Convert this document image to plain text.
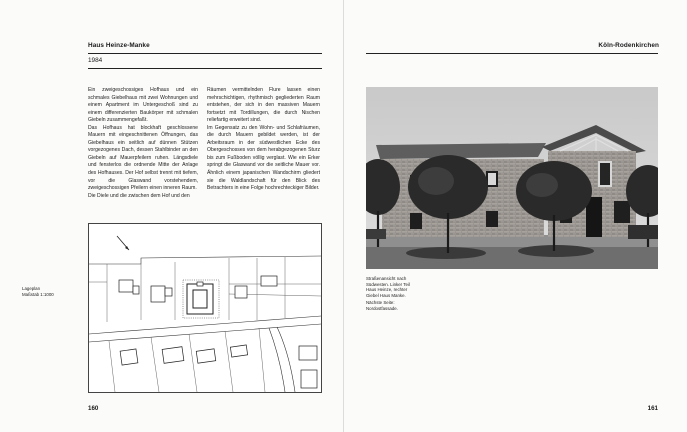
Haus Heinze-Manke
1984

Ein zweigeschossiges Hofhaus und ein schmales Giebelhaus mit zwei Wohnungen und einem Apartment im Untergeschoß sind zu einem differenzierten Baukörper mit schmalen Giebeln zusammengefaßt.

Das Hofhaus hat blockhaft geschlossene Mauern mit eingeschnittenen Öffnungen, das Giebelhaus ein seitlich auf dünnen Stützen vorgezogenes Dach, dessen Stahlbinder an den Giebeln auf Mauerpfeilern ruhen. Längsdiele und fensterlos die ordnende Mitte der Anlage des Hofhauses. Der Hof selbst trennt mit tiefem, vor die Glaswand vorstehendem, zweigeschossigen Pfeilern einen inneren Raum.

Die Diele und die zwischen dem Hof und den

Räumen vermittelnden Flure lassen einen mehrschichtigen, rhythmisch gegliederten Raum entstehen, der sich in den massiven Mauern fortsetzt mit Tordillungen, die durch Nischen reliefartig erweitert sind.

Im Gegensatz zu den Wohn- und Schlafräumen, die durch Mauern gebildet werden, ist der Arbeitsraum in der südwestlichen Ecke des Obergeschosses von dem herabgezogenen Sturz bis zum Fußboden völlig verglast. Wie ein Erker springt die Glaswand vor die seitliche Mauer vor. Ähnlich einem japanischen Wandschirm gliedert sie die Waldlandschaft für den Blick des Betrachters in eine Folge hochrechteckiger Bilder.

Lageplan
Maßstab 1:1000
160
Köln-Rodenkirchen

Straßenansicht nach Südwesten. Linker Teil Haus Heinze, rechter Giebel Haus Manke.

Nächste Seite: Nordostfassade.

161
